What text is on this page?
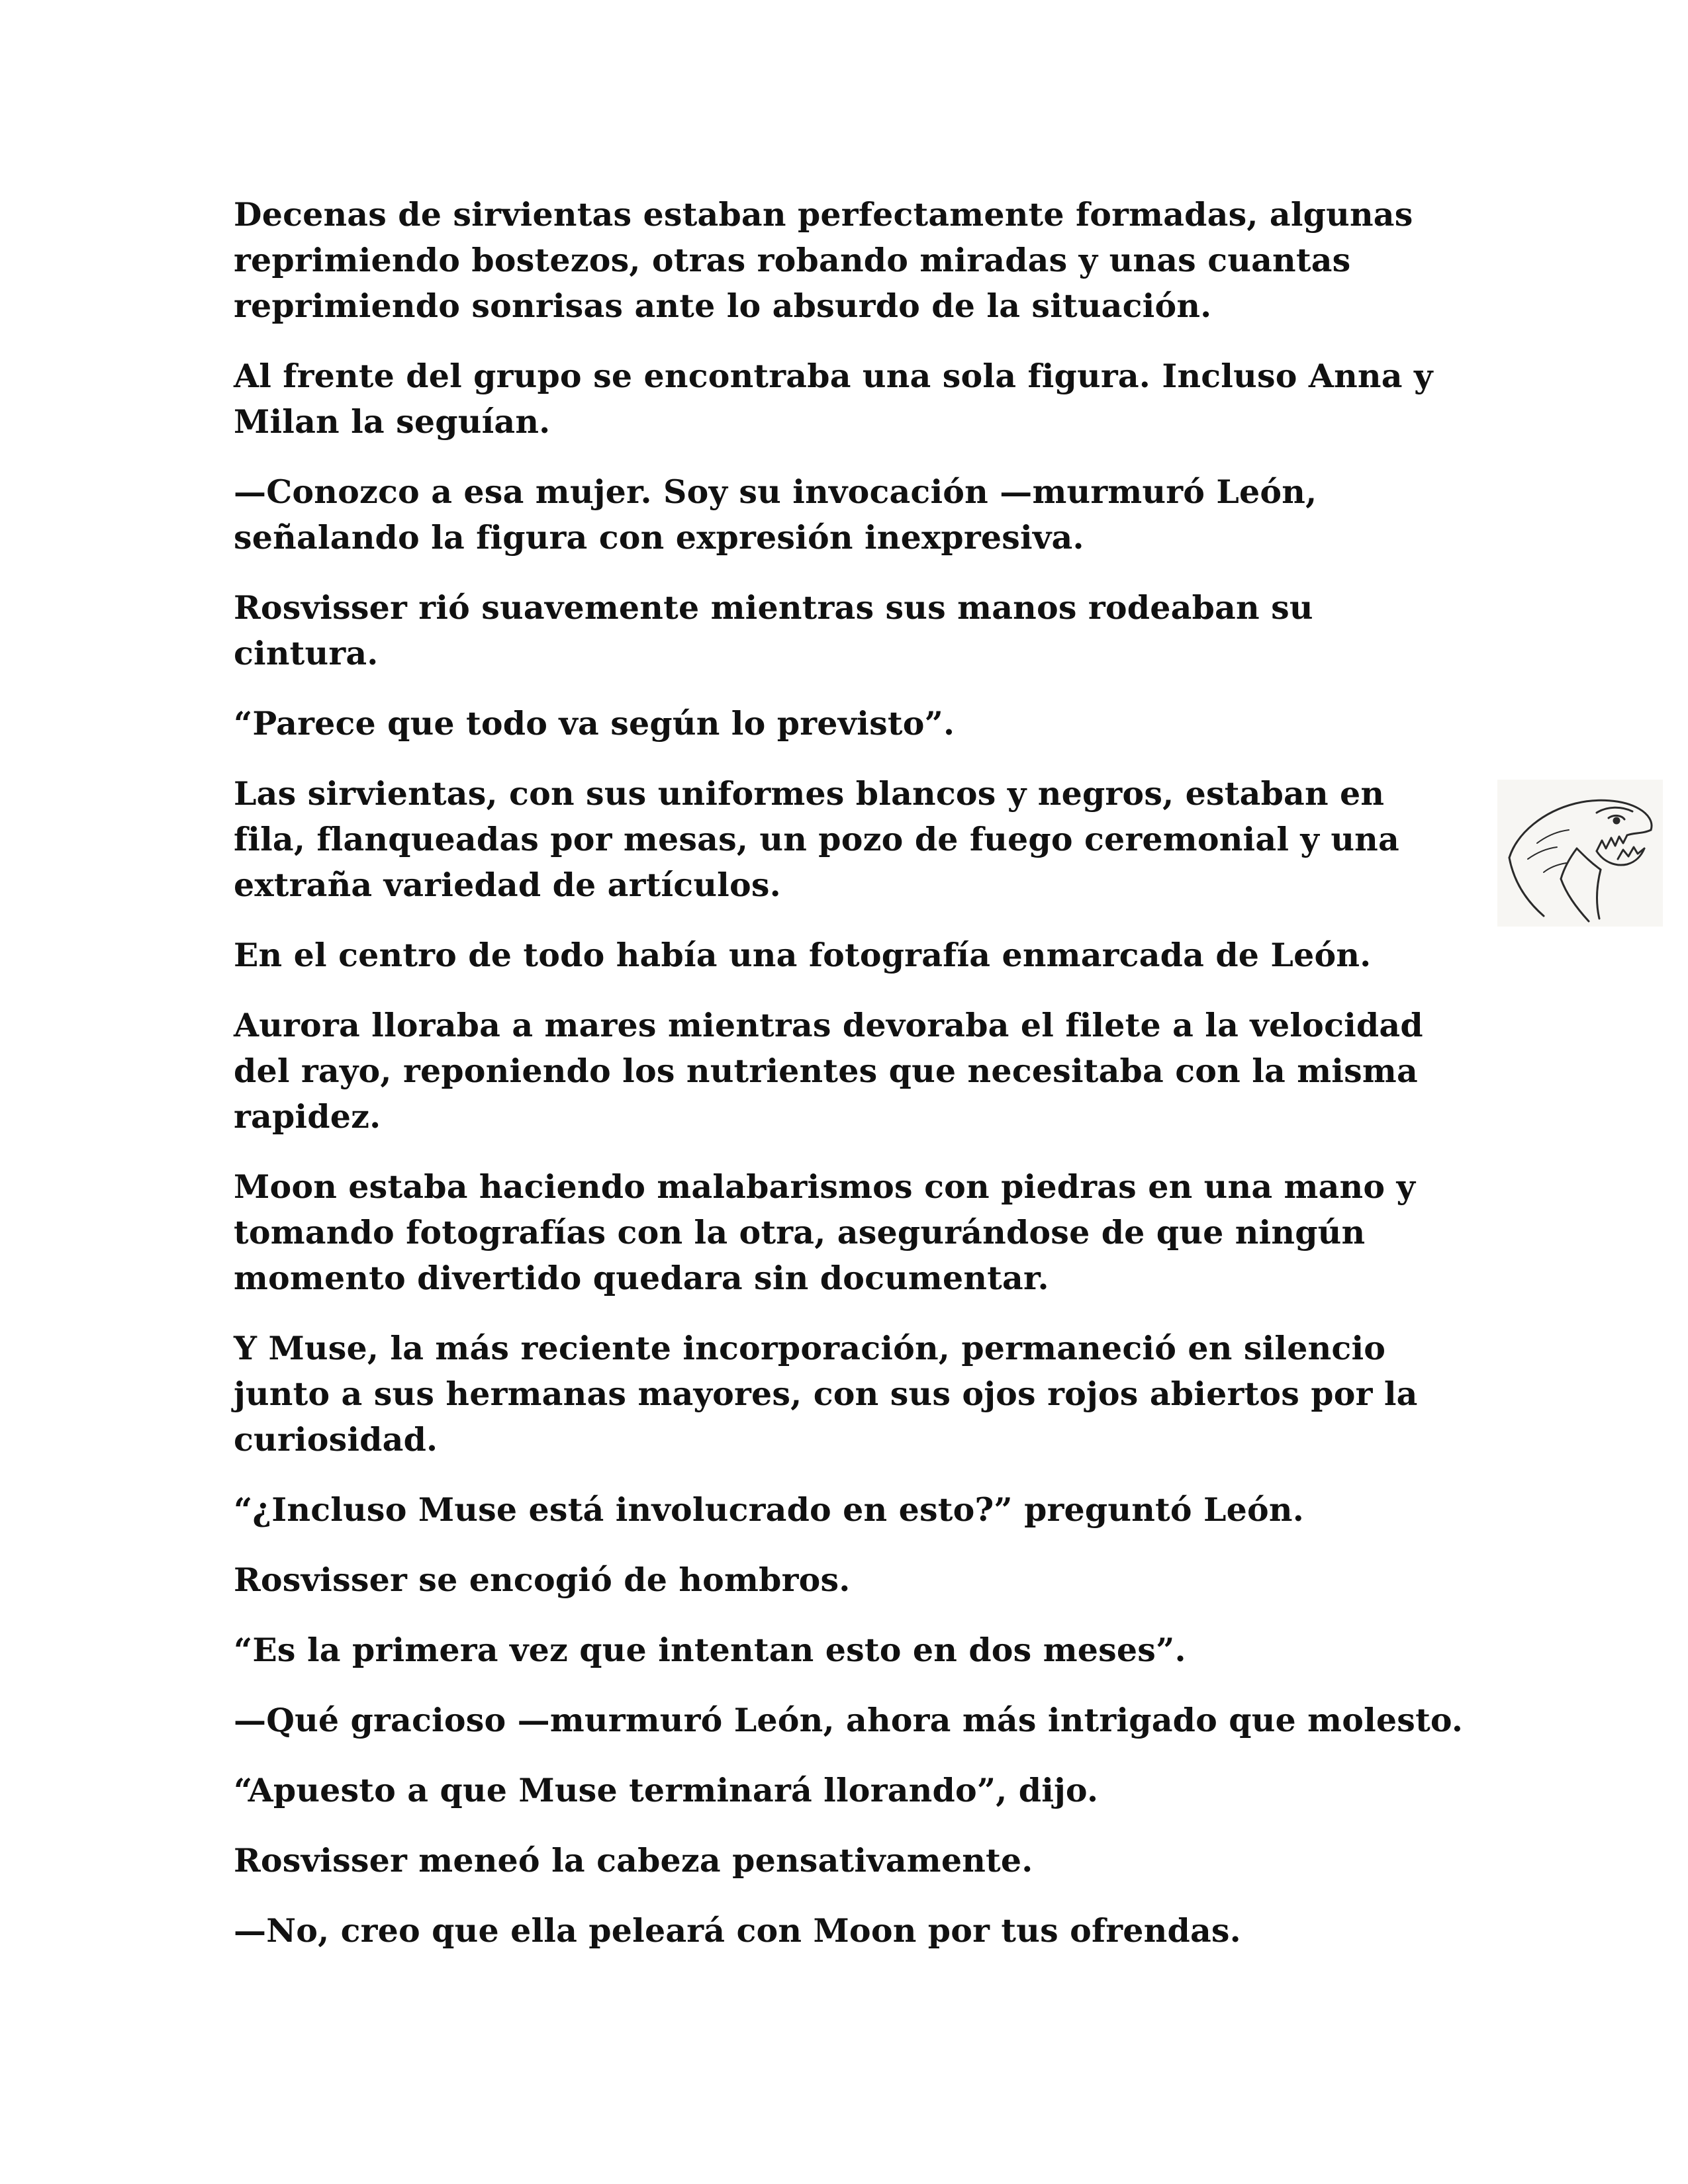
Decenas de sirvientas estaban perfectamente formadas, algunas reprimiendo bostezos, otras robando miradas y unas cuantas reprimiendo sonrisas ante lo absurdo de la situación.

Al frente del grupo se encontraba una sola figura. Incluso Anna y Milan la seguían.

—Conozco a esa mujer. Soy su invocación —murmuró León, señalando la figura con expresión inexpresiva.

Rosvisser rió suavemente mientras sus manos rodeaban su cintura.

“Parece que todo va según lo previsto”.

Las sirvientas, con sus uniformes blancos y negros, estaban en fila, flanqueadas por mesas, un pozo de fuego ceremonial y una extraña variedad de artículos.

En el centro de todo había una fotografía enmarcada de León.

Aurora lloraba a mares mientras devoraba el filete a la velocidad del rayo, reponiendo los nutrientes que necesitaba con la misma rapidez.

Moon estaba haciendo malabarismos con piedras en una mano y tomando fotografías con la otra, asegurándose de que ningún momento divertido quedara sin documentar.

Y Muse, la más reciente incorporación, permaneció en silencio junto a sus hermanas mayores, con sus ojos rojos abiertos por la curiosidad.

“¿Incluso Muse está involucrado en esto?” preguntó León.

Rosvisser se encogió de hombros.

“Es la primera vez que intentan esto en dos meses”.

—Qué gracioso —murmuró León, ahora más intrigado que molesto.

“Apuesto a que Muse terminará llorando”, dijo.

Rosvisser meneó la cabeza pensativamente.

—No, creo que ella peleará con Moon por tus ofrendas.
